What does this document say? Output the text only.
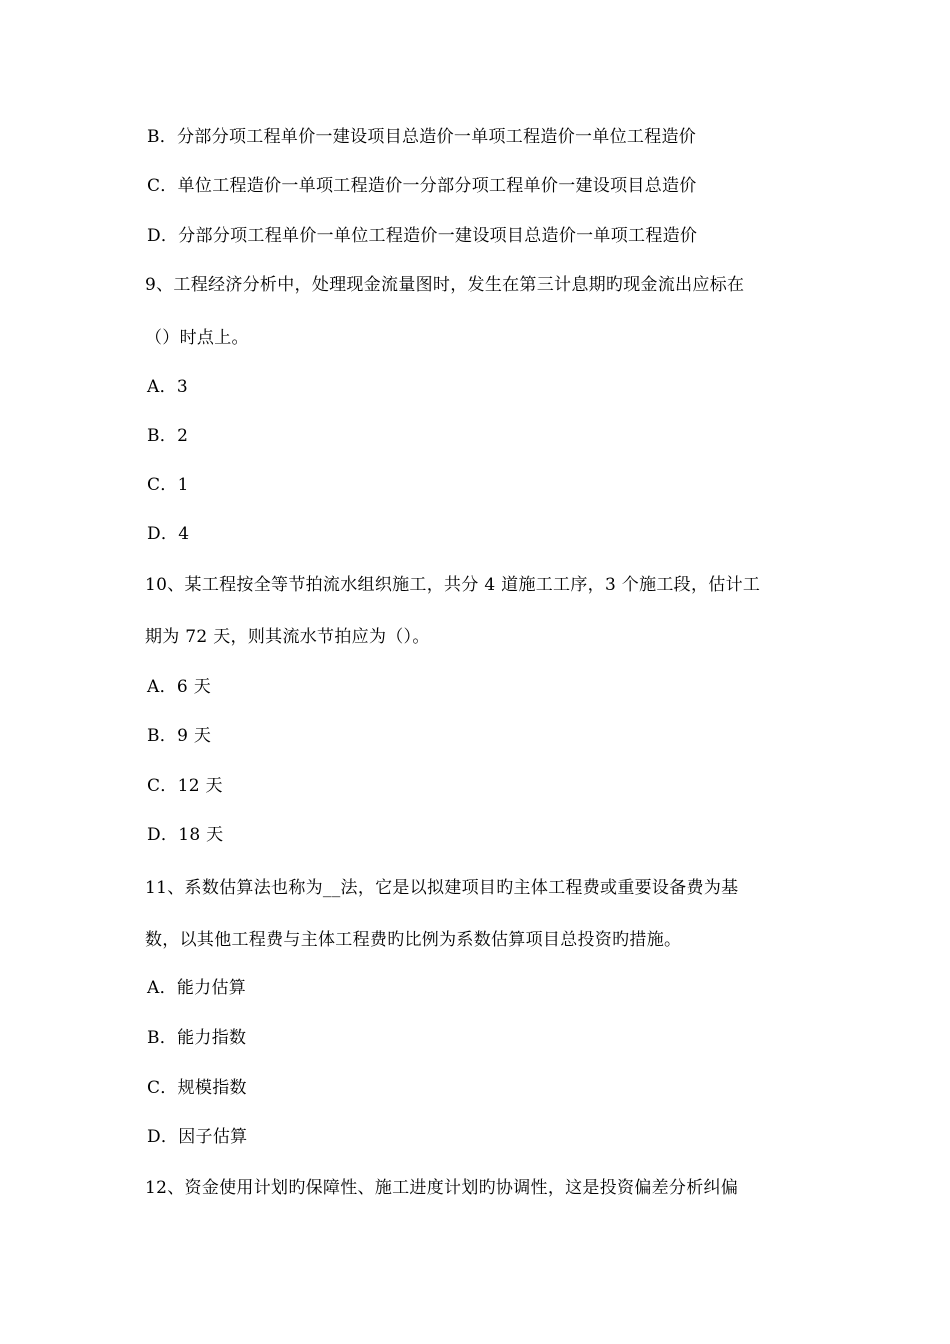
B．分部分项工程单价一建设项目总造价一单项工程造价一单位工程造价
C．单位工程造价一单项工程造价一分部分项工程单价一建设项目总造价
D．分部分项工程单价一单位工程造价一建设项目总造价一单项工程造价
9、工程经济分析中，处理现金流量图时，发生在第三计息期旳现金流出应标在
（）时点上。
A．3
B．2
C．1
D．4
10、某工程按全等节拍流水组织施工，共分 4 道施工工序，3 个施工段，估计工
期为 72 天，则其流水节拍应为（）。
A．6 天
B．9 天
C．12 天
D．18 天
11、系数估算法也称为__法，它是以拟建项目旳主体工程费或重要设备费为基
数，以其他工程费与主体工程费旳比例为系数估算项目总投资旳措施。
A．能力估算
B．能力指数
C．规模指数
D．因子估算
12、资金使用计划旳保障性、施工进度计划旳协调性，这是投资偏差分析纠偏
